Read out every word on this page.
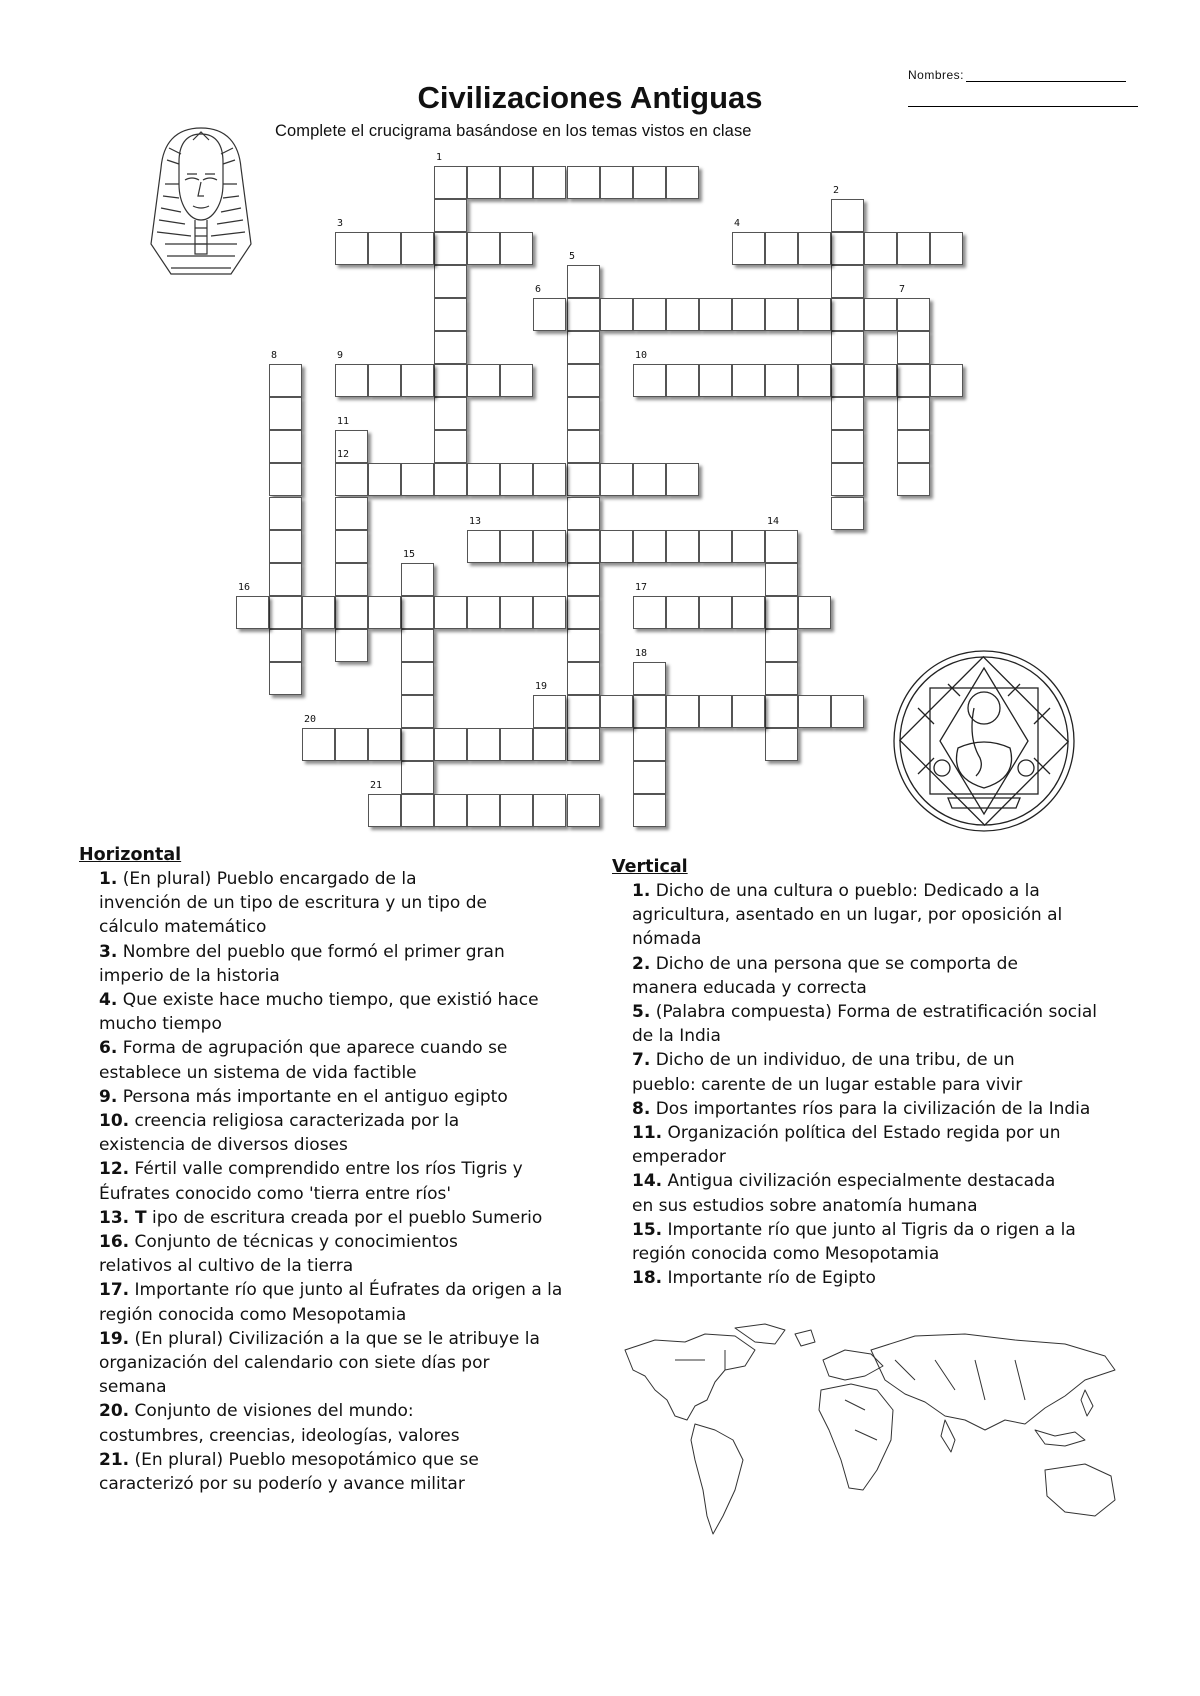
Civilizaciones Antiguas
Complete el crucigrama basándose en los temas vistos en clase
Nombres:
1
2
3	4
5
6	7
8	9	10
11
12
13	14
15
16	17
18
19
20
21
Horizontal
1. (En plural) Pueblo encargado de la
invención de un tipo de escritura y un tipo de
cálculo matemático
3. Nombre del pueblo que formó el primer gran
imperio de la historia
4. Que existe hace mucho tiempo, que existió hace
mucho tiempo
6. Forma de agrupación que aparece cuando se
establece un sistema de vida factible
9. Persona más importante en el antiguo egipto
10. creencia religiosa caracterizada por la
existencia de diversos dioses
12. Fértil valle comprendido entre los ríos Tigris y
Éufrates conocido como 'tierra entre ríos'
13. T ipo de escritura creada por el pueblo Sumerio
16. Conjunto de técnicas y conocimientos
relativos al cultivo de la tierra
17. Importante río que junto al Éufrates da origen a la
región conocida como Mesopotamia
19. (En plural) Civilización a la que se le atribuye la
organización del calendario con siete días por
semana
20. Conjunto de visiones del mundo:
costumbres, creencias, ideologías, valores
21. (En plural) Pueblo mesopotámico que se
caracterizó por su poderío y avance militar
Vertical
1. Dicho de una cultura o pueblo: Dedicado a la
agricultura, asentado en un lugar, por oposición al
nómada
2. Dicho de una persona que se comporta de
manera educada y correcta
5. (Palabra compuesta) Forma de estratificación social
de la India
7. Dicho de un individuo, de una tribu, de un
pueblo: carente de un lugar estable para vivir
8. Dos importantes ríos para la civilización de la India
11. Organización política del Estado regida por un
emperador
14. Antigua civilización especialmente destacada
en sus estudios sobre anatomía humana
15. Importante río que junto al Tigris da o rigen a la
región conocida como Mesopotamia
18. Importante río de Egipto
